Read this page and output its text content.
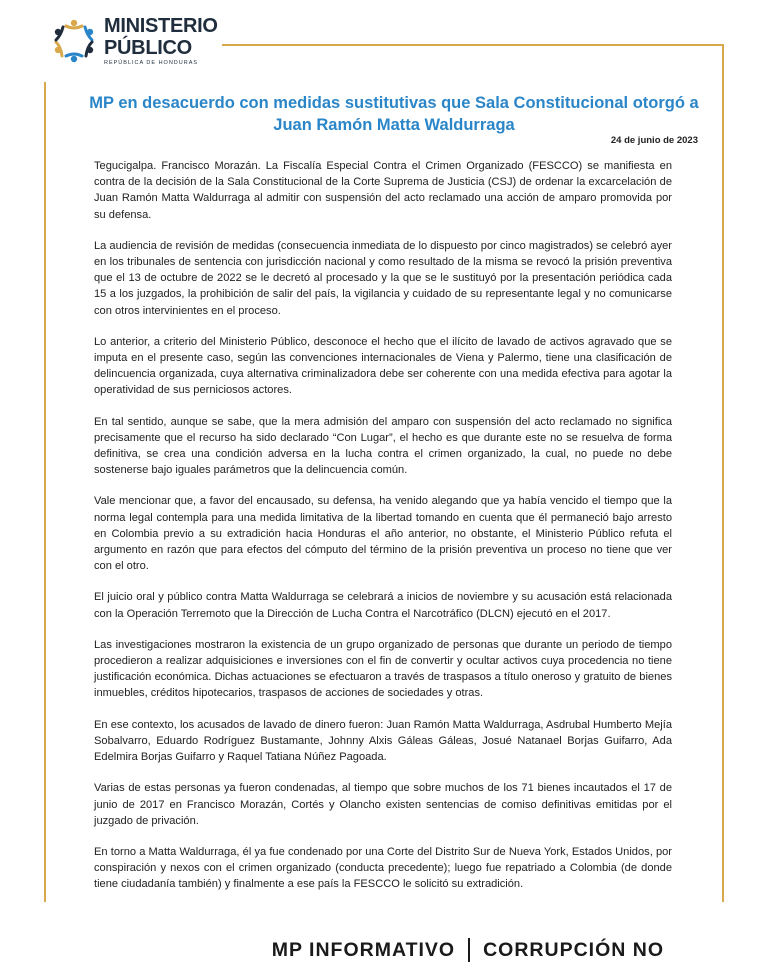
MINISTERIO
PÚBLICO
REPÚBLICA DE HONDURAS
MP en desacuerdo con medidas sustitutivas que Sala Constitucional otorgó a Juan Ramón Matta Waldurraga
24 de junio de 2023

Tegucigalpa. Francisco Morazán. La Fiscalía Especial Contra el Crimen Organizado (FESCCO) se manifiesta en contra de la decisión de la Sala Constitucional de la Corte Suprema de Justicia (CSJ) de ordenar la excarcelación de Juan Ramón Matta Waldurraga al admitir con suspensión del acto reclamado una acción de amparo promovida por su defensa.

La audiencia de revisión de medidas (consecuencia inmediata de lo dispuesto por cinco magistrados) se celebró ayer en los tribunales de sentencia con jurisdicción nacional y como resultado de la misma se revocó la prisión preventiva que el 13 de octubre de 2022 se le decretó al procesado y la que se le sustituyó por la presentación periódica cada 15 a los juzgados, la prohibición de salir del país, la vigilancia y cuidado de su representante legal y no comunicarse con otros intervinientes en el proceso.

Lo anterior, a criterio del Ministerio Público, desconoce el hecho que el ilícito de lavado de activos agravado que se imputa en el presente caso, según las convenciones internacionales de Viena y Palermo, tiene una clasificación de delincuencia organizada, cuya alternativa criminalizadora debe ser coherente con una medida efectiva para agotar la operatividad de sus perniciosos actores.

En tal sentido, aunque se sabe, que la mera admisión del amparo con suspensión del acto reclamado no significa precisamente que el recurso ha sido declarado “Con Lugar”, el hecho es que durante este no se resuelva de forma definitiva, se crea una condición adversa en la lucha contra el crimen organizado, la cual, no puede no debe sostenerse bajo iguales parámetros que la delincuencia común.

Vale mencionar que, a favor del encausado, su defensa, ha venido alegando que ya había vencido el tiempo que la norma legal contempla para una medida limitativa de la libertad tomando en cuenta que él permaneció bajo arresto en Colombia previo a su extradición hacia Honduras el año anterior, no obstante, el Ministerio Público refuta el argumento en razón que para efectos del cómputo del término de la prisión preventiva un proceso no tiene que ver con el otro.

El juicio oral y público contra Matta Waldurraga se celebrará a inicios de noviembre y su acusación está relacionada con la Operación Terremoto que la Dirección de Lucha Contra el Narcotráfico (DLCN) ejecutó en el 2017.

Las investigaciones mostraron la existencia de un grupo organizado de personas que durante un periodo de tiempo procedieron a realizar adquisiciones e inversiones con el fin de convertir y ocultar activos cuya procedencia no tiene justificación económica. Dichas actuaciones se efectuaron a través de traspasos a título oneroso y gratuito de bienes inmuebles, créditos hipotecarios, traspasos de acciones de sociedades y otras.

En ese contexto, los acusados de lavado de dinero fueron: Juan Ramón Matta Waldurraga, Asdrubal Humberto Mejía Sobalvarro, Eduardo Rodríguez Bustamante, Johnny Alxis Gáleas Gáleas, Josué Natanael Borjas Guifarro, Ada Edelmira Borjas Guifarro y Raquel Tatiana Núñez Pagoada.

Varias de estas personas ya fueron condenadas, al tiempo que sobre muchos de los 71 bienes incautados el 17 de junio de 2017 en Francisco Morazán, Cortés y Olancho existen sentencias de comiso definitivas emitidas por el juzgado de privación.

En torno a Matta Waldurraga, él ya fue condenado por una Corte del Distrito Sur de Nueva York, Estados Unidos, por conspiración y nexos con el crimen organizado (conducta precedente); luego fue repatriado a Colombia (de donde tiene ciudadanía también) y finalmente a ese país la FESCCO le solicitó su extradición.

MP INFORMATIVO CORRUPCIÓN NO
